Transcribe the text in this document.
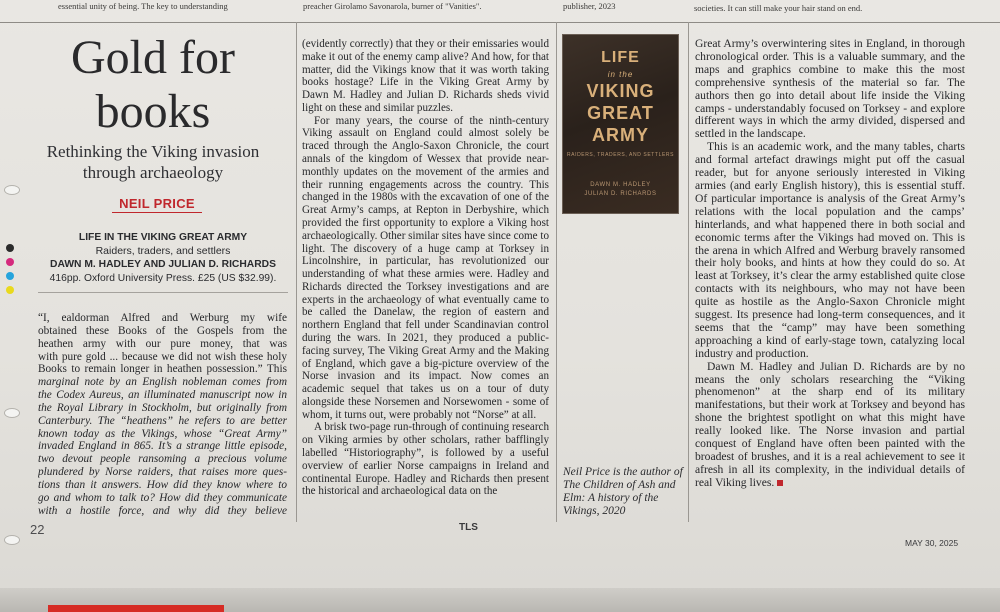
essential unity of being. The key to understanding	preacher Girolamo Savonarola, burner of "Vanities".	publisher, 2023	societies. It can still make your hair stand on end.
Gold for
books
Rethinking the Viking invasion
through archaeology
NEIL PRICE
LIFE IN THE VIKING GREAT ARMY
Raiders, traders, and settlers
DAWN M. HADLEY AND JULIAN D. RICHARDS
416pp. Oxford University Press. £25 (US $32.99).
“I, ealdorman Alfred and Werburg my wife
obtained these Books of the Gospels from the
heathen army with our pure money, that was
with pure gold ... because we did not wish these holy
Books to remain longer in heathen possession.” This
marginal note by an English nobleman comes from
the Codex Aureus, an illuminated manuscript now in
the Royal Library in Stockholm, but originally from
Canterbury. The “heathens” he refers to are better
known today as the Vikings, whose “Great Army”
invaded England in 865. It’s a strange little episode,
two devout people ransoming a precious volume
plundered by Norse raiders, that raises more ques-
tions than it answers. How did they know where to
go and whom to talk to? How did they communicate
with a hostile force, and why did they believe

(evidently correctly) that they or their emissaries would make it out of the enemy camp alive? And how, for that matter, did the Vikings know that it was worth taking books hostage? Life in the Viking Great Army by Dawn M. Hadley and Julian D. Richards sheds vivid light on these and similar puzzles.

For many years, the course of the ninth-century Viking assault on England could almost solely be traced through the Anglo-Saxon Chronicle, the court annals of the kingdom of Wessex that provide near-monthly updates on the movement of the armies and their running engagements across the country. This changed in the 1980s with the excavation of one of the Great Army’s camps, at Repton in Derbyshire, which provided the first opportunity to explore a Viking host archaeologically. Other similar sites have since come to light. The discovery of a huge camp at Torksey in Lincolnshire, in particular, has revolutionized our understanding of what these armies were. Hadley and Richards directed the Torksey investigations and are experts in the archaeology of what eventually came to be called the Danelaw, the region of eastern and northern England that fell under Scandinavian control during the wars. In 2021, they produced a public-facing survey, The Viking Great Army and the Making of England, which gave a big-picture overview of the Norse invasion and its impact. Now comes an academic sequel that takes us on a tour of duty alongside these Norsemen and Norsewomen - some of whom, it turns out, were probably not “Norse” at all.

A brisk two-page run-through of continuing research on Viking armies by other scholars, rather bafflingly labelled “Historiography”, is followed by a useful overview of earlier Norse campaigns in Ireland and continental Europe. Hadley and Richards then present the historical and archaeological data on the

LIFE
in the
VIKING
GREAT
ARMY
RAIDERS, TRADERS, AND SETTLERS
DAWN M. HADLEY
JULIAN D. RICHARDS
Neil Price is the author of The Children of Ash and Elm: A history of the Vikings, 2020

Great Army’s overwintering sites in England, in thorough chronological order. This is a valuable summary, and the maps and graphics combine to make this the most comprehensive synthesis of the material so far. The authors then go into detail about life inside the Viking camps - understandably focused on Torksey - and explore different ways in which the army divided, dispersed and settled in the landscape.

This is an academic work, and the many tables, charts and formal artefact drawings might put off the casual reader, but for anyone seriously interested in Viking armies (and early English history), this is essential stuff. Of particular importance is analysis of the Great Army’s relations with the local population and the camps’ hinterlands, and what happened there in both social and economic terms after the Vikings had moved on. This is the arena in which Alfred and Werburg bravely ransomed their holy books, and hints at how they could do so. At least at Torksey, it’s clear the army established quite close contacts with its neighbours, who may not have been quite as hostile as the Anglo-Saxon Chronicle might suggest. Its presence had long-term consequences, and it seems that the “camp” may have been something approaching a kind of early-stage town, catalyzing local industry and production.

Dawn M. Hadley and Julian D. Richards are by no means the only scholars researching the “Viking phenomenon” at the sharp end of its military manifestations, but their work at Torksey and beyond has shone the brightest spotlight on what this might have really looked like. The Norse invasion and partial conquest of England have often been painted with the broadest of brushes, and it is a real achievement to see it afresh in all its complexity, in the individual details of real Viking lives.

22	TLS
MAY 30, 2025
